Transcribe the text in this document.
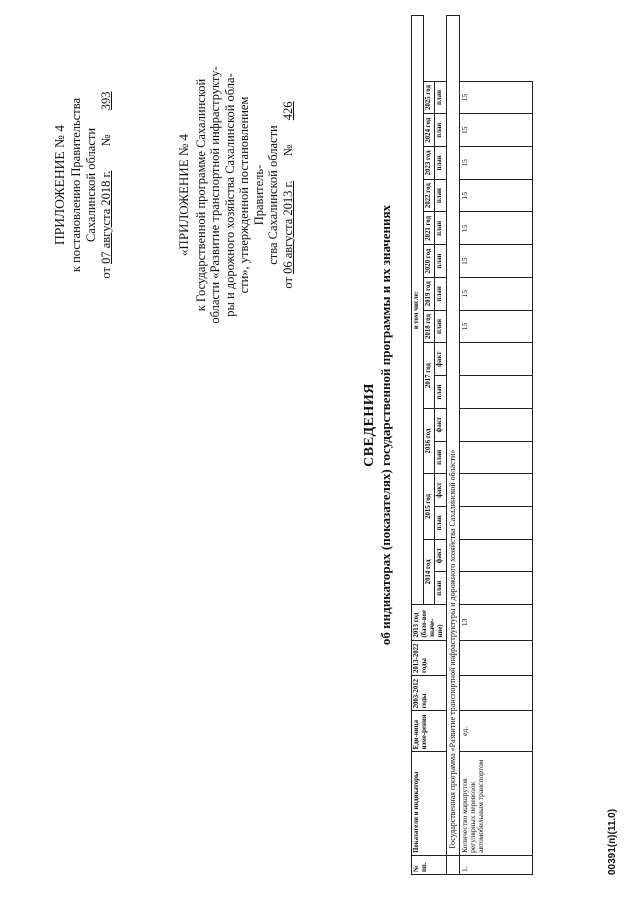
ПРИЛОЖЕНИЕ № 4 к постановлению Правительства Сахалинской области
от 07 августа 2018 г.  №  393
«ПРИЛОЖЕНИЕ № 4 к Государственной программе Сахалинской области «Развитие транспортной инфраструкту- ры и дорожного хозяйства Сахалинской обла- сти», утвержденной постановлением Правитель- ства Сахалинской области
от 06 августа 2013 г.  №  426
СВЕДЕНИЯ об индикаторах (показателях) государственной программы и их значениях
№ пп.	Показатели и индикаторы	Еди-ница изме-рения	2003-2012 годы	2013-2022 годы	2013 год (базо-вое значе-ние)	в том числе:															
						2014 год		2015 год		2016 год		2017 год		2018 год	2019 год	2020 год	2021 год	2022 год	2023 год	2024 год	2025 год
						план	факт	план	факт	план	факт	план	факт	план	план	план	план	план	план	план	план
	Государственная программа «Развитие транспортной инфраструктуры и дорожного хозяйства Сахалинской области»																				
1.	Количество маршрутов регулярных перевозок автомобильным транспортом	ед.			13									15	15	15	15	15	15	15	15
00391(п)(11.0)
